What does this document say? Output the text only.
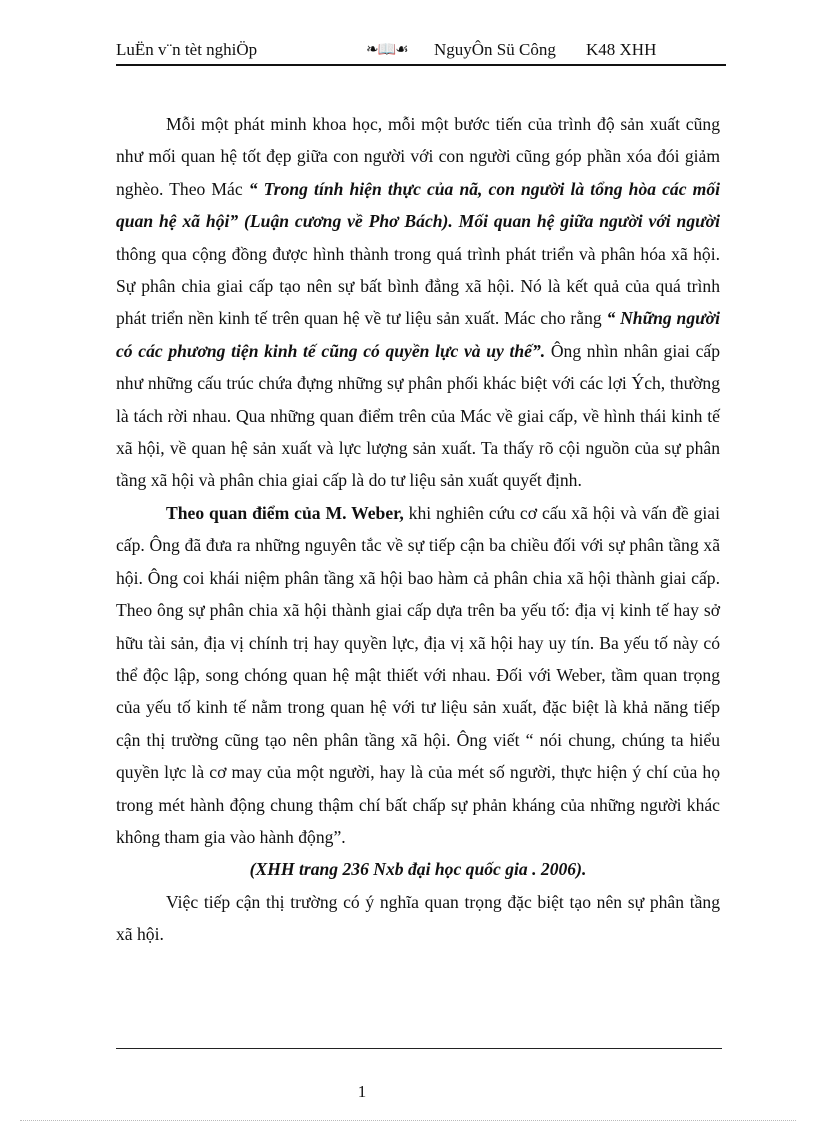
LuËn v¨n tèt nghiÖp	❧📖☙ NguyÔn Sü Công K48 XHH

Mỗi một phát minh khoa học, mỗi một bước tiến của trình độ sản xuất cũng như mối quan hệ tốt đẹp giữa con người với con người cũng góp phần xóa đói giảm nghèo. Theo Mác “ Trong tính hiện thực của nã, con người là tổng hòa các mối quan hệ xã hội” (Luận cương về Phơ Bách). Mối quan hệ giữa người với người thông qua cộng đồng được hình thành trong quá trình phát triển và phân hóa xã hội. Sự phân chia giai cấp tạo nên sự bất bình đẳng xã hội. Nó là kết quả của quá trình phát triển nền kinh tế trên quan hệ về tư liệu sản xuất. Mác cho rằng “ Những người có các phương tiện kinh tế cũng có quyền lực và uy thế”. Ông nhìn nhân giai cấp như những cấu trúc chứa đựng những sự phân phối khác biệt với các lợi Ých, thường là tách rời nhau. Qua những quan điểm trên của Mác về giai cấp, về hình thái kinh tế xã hội, về quan hệ sản xuất và lực lượng sản xuất. Ta thấy rõ cội nguồn của sự phân tầng xã hội và phân chia giai cấp là do tư liệu sản xuất quyết định.

Theo quan điểm của M. Weber, khi nghiên cứu cơ cấu xã hội và vấn đề giai cấp. Ông đã đưa ra những nguyên tắc về sự tiếp cận ba chiều đối với sự phân tầng xã hội. Ông coi khái niệm phân tầng xã hội bao hàm cả phân chia xã hội thành giai cấp. Theo ông sự phân chia xã hội thành giai cấp dựa trên ba yếu tố: địa vị kinh tế hay sở hữu tài sản, địa vị chính trị hay quyền lực, địa vị xã hội hay uy tín. Ba yếu tố này có thể độc lập, song chóng quan hệ mật thiết với nhau. Đối với Weber, tầm quan trọng của yếu tố kinh tế nằm trong quan hệ với tư liệu sản xuất, đặc biệt là khả năng tiếp cận thị trường cũng tạo nên phân tầng xã hội. Ông viết “ nói chung, chúng ta hiểu quyền lực là cơ may của một người, hay là của mét số người, thực hiện ý chí của họ trong mét hành động chung thậm chí bất chấp sự phản kháng của những người khác không tham gia vào hành động”.

(XHH trang 236 Nxb đại học quốc gia . 2006).

Việc tiếp cận thị trường có ý nghĩa quan trọng đặc biệt tạo nên sự phân tầng xã hội.

1
